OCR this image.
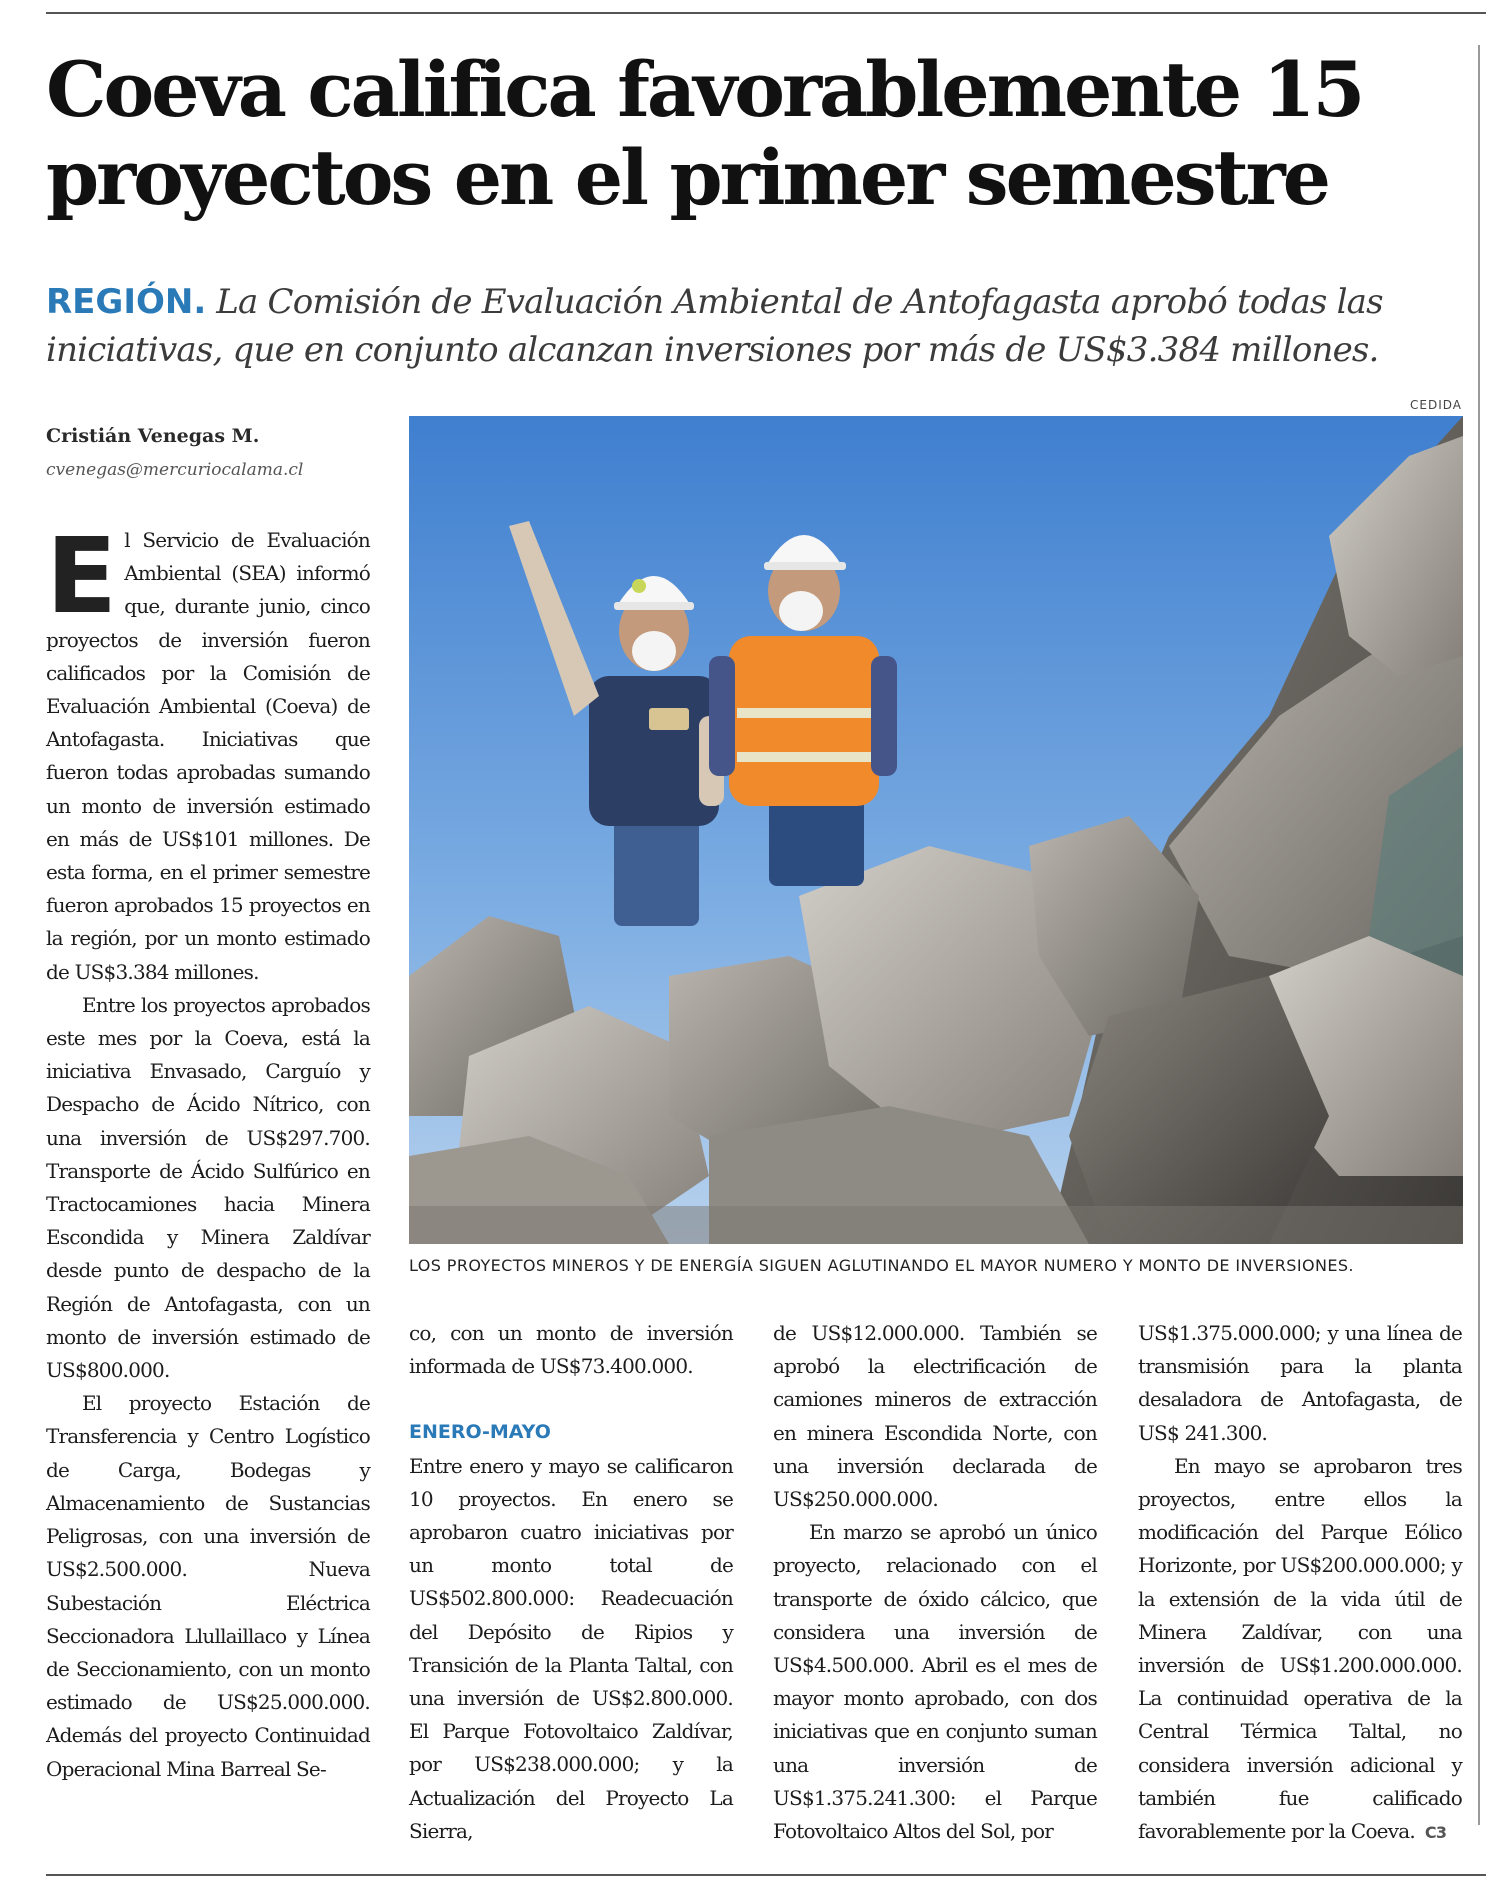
Coeva califica favorablemente 15 proyectos en el primer semestre

REGIÓN. La Comisión de Evaluación Ambiental de Antofagasta aprobó todas las iniciativas, que en conjunto alcanzan inversiones por más de US$3.384 millones.

Cristián Venegas M.
cvenegas@mercuriocalama.cl

El Servicio de Evaluación Ambiental (SEA) informó que, durante junio, cinco proyectos de inversión fueron calificados por la Comisión de Evaluación Ambiental (Coeva) de Antofagasta. Iniciativas que fueron todas aprobadas sumando un monto de inversión estimado en más de US$101 millones. De esta forma, en el primer semestre fueron aprobados 15 proyectos en la región, por un monto estimado de US$3.384 millones.

Entre los proyectos aprobados este mes por la Coeva, está la iniciativa Envasado, Carguío y Despacho de Ácido Nítrico, con una inversión de US$297.700. Transporte de Ácido Sulfúrico en Tractocamiones hacia Minera Escondida y Minera Zaldívar desde punto de despacho de la Región de Antofagasta, con un monto de inversión estimado de US$800.000.

El proyecto Estación de Transferencia y Centro Logístico de Carga, Bodegas y Almacenamiento de Sustancias Peligrosas, con una inversión de US$2.500.000. Nueva Subestación Eléctrica Seccionadora Llullaillaco y Línea de Seccionamiento, con un monto estimado de US$25.000.000. Además del proyecto Continuidad Operacional Mina Barreal Se-

CEDIDA
LOS PROYECTOS MINEROS Y DE ENERGÍA SIGUEN AGLUTINANDO EL MAYOR NUMERO Y MONTO DE INVERSIONES.

co, con un monto de inversión informada de US$73.400.000.

ENERO-MAYO

Entre enero y mayo se calificaron 10 proyectos. En enero se aprobaron cuatro iniciativas por un monto total de US$502.800.000: Readecuación del Depósito de Ripios y Transición de la Planta Taltal, con una inversión de US$2.800.000. El Parque Fotovoltaico Zaldívar, por US$238.000.000; y la Actualización del Proyecto La Sierra,

de US$12.000.000. También se aprobó la electrificación de camiones mineros de extracción en minera Escondida Norte, con una inversión declarada de US$250.000.000.

En marzo se aprobó un único proyecto, relacionado con el transporte de óxido cálcico, que considera una inversión de US$4.500.000. Abril es el mes de mayor monto aprobado, con dos iniciativas que en conjunto suman una inversión de US$1.375.241.300: el Parque Fotovoltaico Altos del Sol, por

US$1.375.000.000; y una línea de transmisión para la planta desaladora de Antofagasta, de US$ 241.300.

En mayo se aprobaron tres proyectos, entre ellos la modificación del Parque Eólico Horizonte, por US$200.000.000; y la extensión de la vida útil de Minera Zaldívar, con una inversión de US$1.200.000.000. La continuidad operativa de la Central Térmica Taltal, no considera inversión adicional y también fue calificado favorablemente por la Coeva. C3
